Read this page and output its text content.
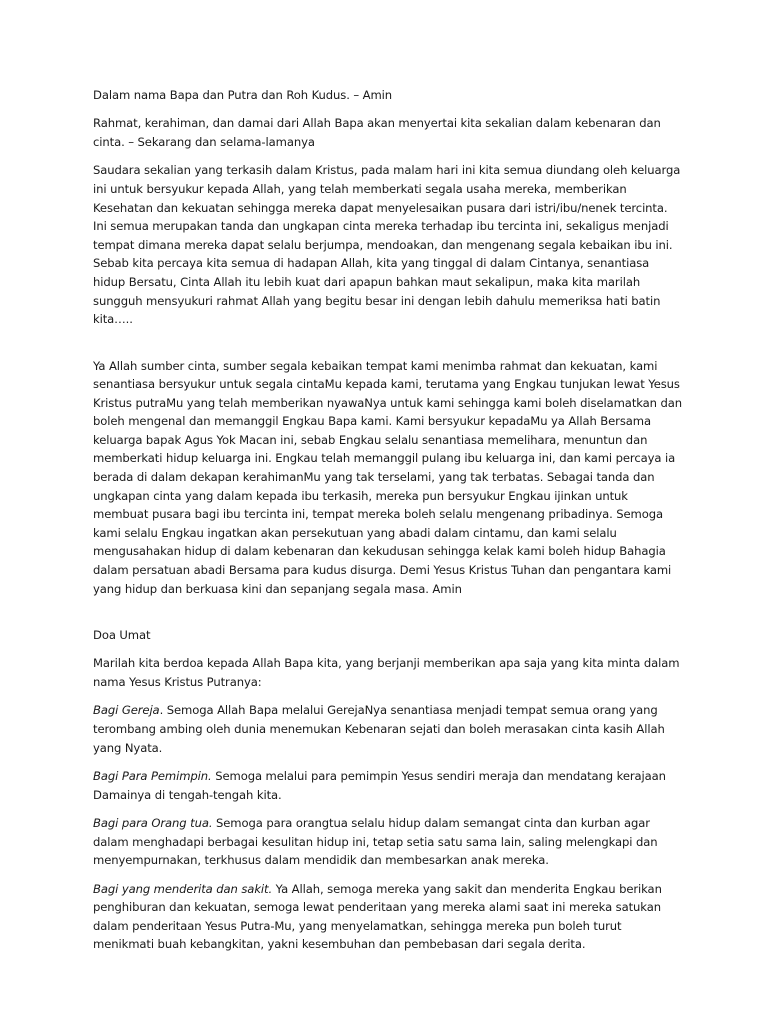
Dalam nama Bapa dan Putra dan Roh Kudus. – Amin

Rahmat, kerahiman, dan damai dari Allah Bapa akan menyertai kita sekalian dalam kebenaran dan cinta. – Sekarang dan selama-lamanya

Saudara sekalian yang terkasih dalam Kristus, pada malam hari ini kita semua diundang oleh keluarga ini untuk bersyukur kepada Allah, yang telah memberkati segala usaha mereka, memberikan Kesehatan dan kekuatan sehingga mereka dapat menyelesaikan pusara dari istri/ibu/nenek tercinta. Ini semua merupakan tanda dan ungkapan cinta mereka terhadap ibu tercinta ini, sekaligus menjadi tempat dimana mereka dapat selalu berjumpa, mendoakan, dan mengenang segala kebaikan ibu ini. Sebab kita percaya kita semua di hadapan Allah, kita yang tinggal di dalam Cintanya, senantiasa hidup Bersatu, Cinta Allah itu lebih kuat dari apapun bahkan maut sekalipun, maka kita marilah sungguh mensyukuri rahmat Allah yang begitu besar ini dengan lebih dahulu memeriksa hati batin kita…..

Ya Allah sumber cinta, sumber segala kebaikan tempat kami menimba rahmat dan kekuatan, kami senantiasa bersyukur untuk segala cintaMu kepada kami, terutama yang Engkau tunjukan lewat Yesus Kristus putraMu yang telah memberikan nyawaNya untuk kami sehingga kami boleh diselamatkan dan boleh mengenal dan memanggil Engkau Bapa kami. Kami bersyukur kepadaMu ya Allah Bersama keluarga bapak Agus Yok Macan ini, sebab Engkau selalu senantiasa memelihara, menuntun dan memberkati hidup keluarga ini. Engkau telah memanggil pulang ibu keluarga ini, dan kami percaya ia berada di dalam dekapan kerahimanMu yang tak terselami, yang tak terbatas. Sebagai tanda dan ungkapan cinta yang dalam kepada ibu terkasih, mereka pun bersyukur Engkau ijinkan untuk membuat pusara bagi ibu tercinta ini, tempat mereka boleh selalu mengenang pribadinya. Semoga kami selalu Engkau ingatkan akan persekutuan yang abadi dalam cintamu, dan kami selalu mengusahakan hidup di dalam kebenaran dan kekudusan sehingga kelak kami boleh hidup Bahagia dalam persatuan abadi Bersama para kudus disurga. Demi Yesus Kristus Tuhan dan pengantara kami yang hidup dan berkuasa kini dan sepanjang segala masa. Amin

Doa Umat

Marilah kita berdoa kepada Allah Bapa kita, yang berjanji memberikan apa saja yang kita minta dalam nama Yesus Kristus Putranya:

Bagi Gereja. Semoga Allah Bapa melalui GerejaNya senantiasa menjadi tempat semua orang yang terombang ambing oleh dunia menemukan Kebenaran sejati dan boleh merasakan cinta kasih Allah yang Nyata.

Bagi Para Pemimpin. Semoga melalui para pemimpin Yesus sendiri meraja dan mendatang kerajaan Damainya di tengah-tengah kita.

Bagi para Orang tua. Semoga para orangtua selalu hidup dalam semangat cinta dan kurban agar dalam menghadapi berbagai kesulitan hidup ini, tetap setia satu sama lain, saling melengkapi dan menyempurnakan, terkhusus dalam mendidik dan membesarkan anak mereka.

Bagi yang menderita dan sakit. Ya Allah, semoga mereka yang sakit dan menderita Engkau berikan penghiburan dan kekuatan, semoga lewat penderitaan yang mereka alami saat ini mereka satukan dalam penderitaan Yesus Putra-Mu, yang menyelamatkan, sehingga mereka pun boleh turut menikmati buah kebangkitan, yakni kesembuhan dan pembebasan dari segala derita.
